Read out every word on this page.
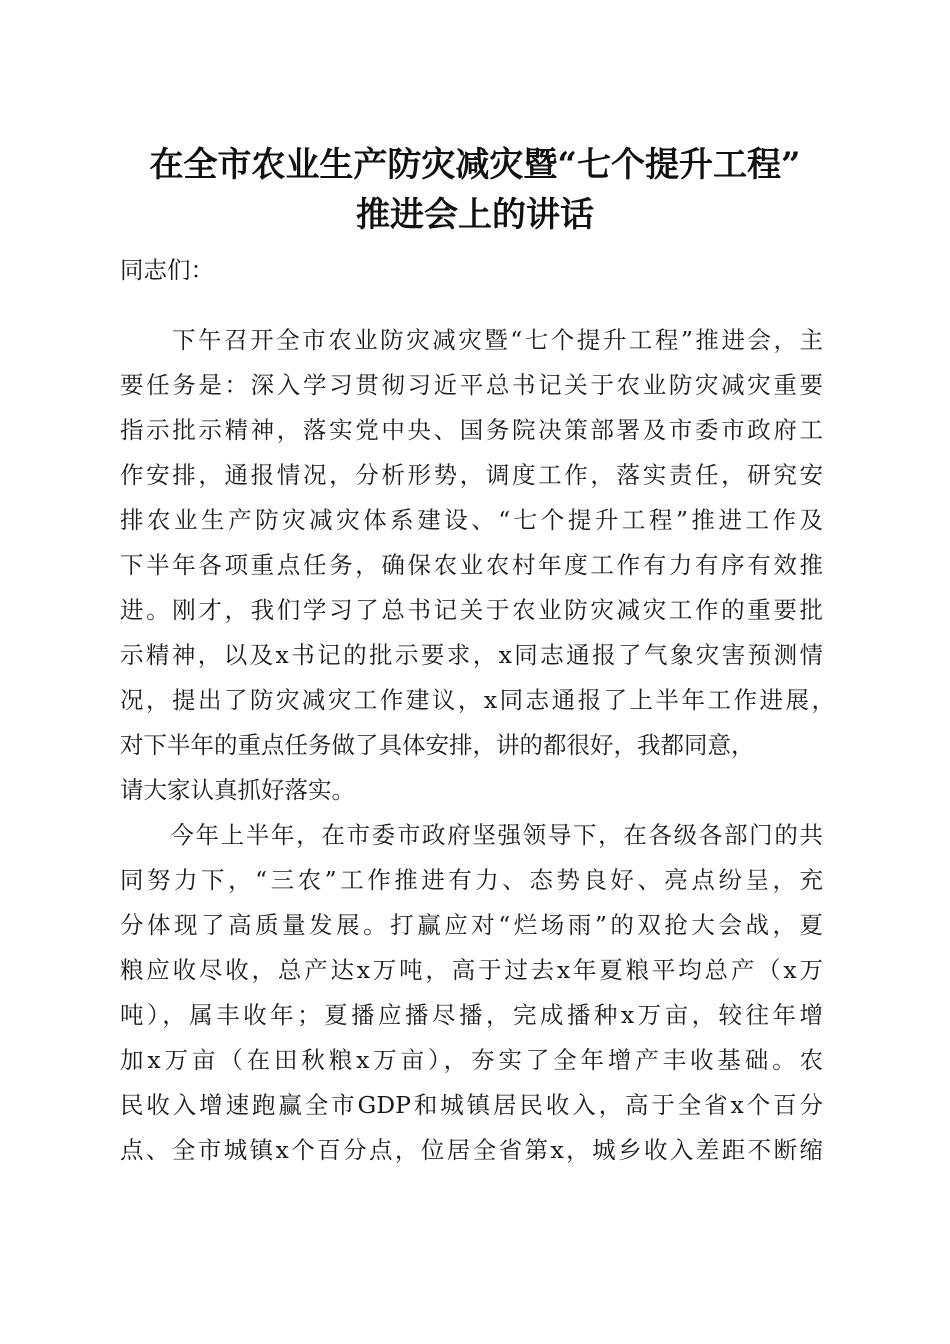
在全市农业生产防灾减灾暨“七个提升工程”
推进会上的讲话
同志们：
　　下午召开全市农业防灾减灾暨“七个提升工程”推进会，主
要任务是：深入学习贯彻习近平总书记关于农业防灾减灾重要
指示批示精神，落实党中央、国务院决策部署及市委市政府工
作安排，通报情况，分析形势，调度工作，落实责任，研究安
排农业生产防灾减灾体系建设、“七个提升工程”推进工作及
下半年各项重点任务，确保农业农村年度工作有力有序有效推
进。刚才，我们学习了总书记关于农业防灾减灾工作的重要批
示精神，以及x书记的批示要求，x同志通报了气象灾害预测情
况，提出了防灾减灾工作建议，x同志通报了上半年工作进展，
对下半年的重点任务做了具体安排，讲的都很好，我都同意，
请大家认真抓好落实。
　　今年上半年，在市委市政府坚强领导下，在各级各部门的共
同努力下，“三农”工作推进有力、态势良好、亮点纷呈，充
分体现了高质量发展。打赢应对“烂场雨”的双抢大会战，夏
粮应收尽收，总产达x万吨，高于过去x年夏粮平均总产（x万
吨），属丰收年；夏播应播尽播，完成播种x万亩，较往年增
加x万亩（在田秋粮x万亩），夯实了全年增产丰收基础。农
民收入增速跑赢全市GDP和城镇居民收入，高于全省x个百分
点、全市城镇x个百分点，位居全省第x，城乡收入差距不断缩
